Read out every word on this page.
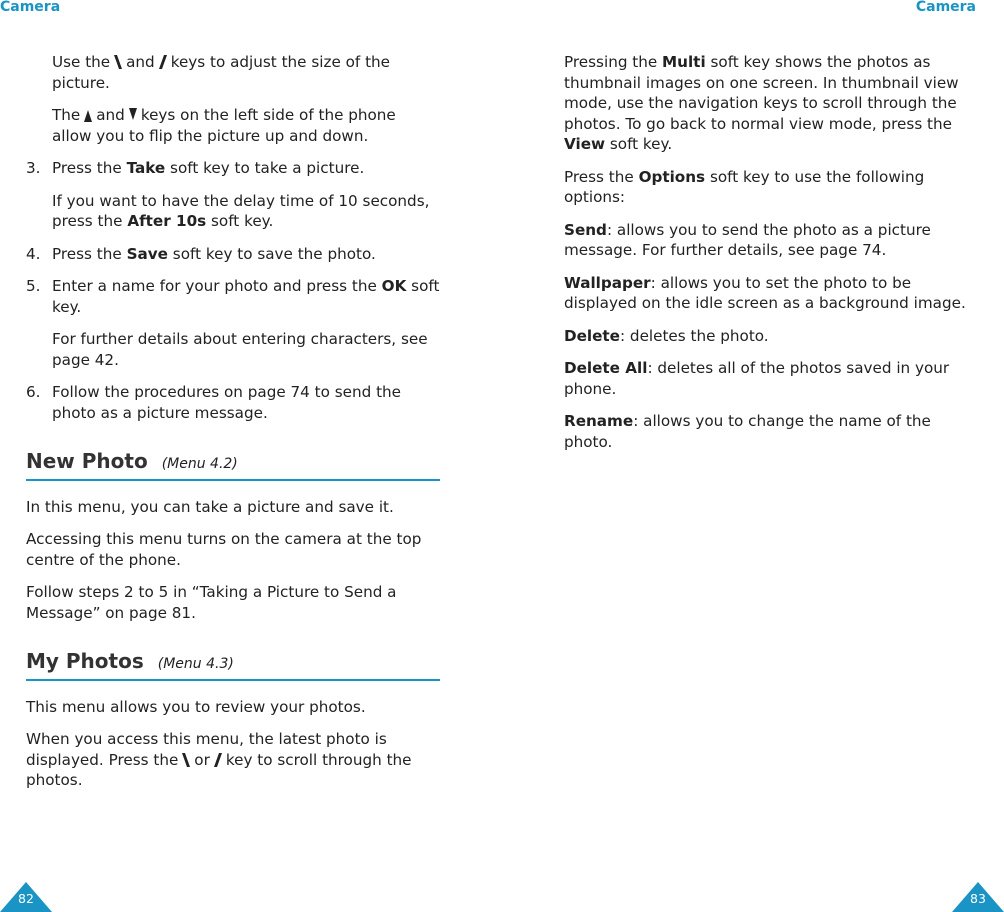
Camera	Camera

Use the and keys to adjust the size of the picture.

The and keys on the left side of the phone allow you to flip the picture up and down.

3. Press the Take soft key to take a picture.

If you want to have the delay time of 10 seconds, press the After 10s soft key.

4. Press the Save soft key to save the photo.
5. Enter a name for your photo and press the OK soft key.

For further details about entering characters, see page 42.

6. Follow the procedures on page 74 to send the photo as a picture message.
New Photo (Menu 4.2)

In this menu, you can take a picture and save it.

Accessing this menu turns on the camera at the top centre of the phone.

Follow steps 2 to 5 in “Taking a Picture to Send a Message” on page 81.

My Photos (Menu 4.3)

This menu allows you to review your photos.

When you access this menu, the latest photo is displayed. Press the or key to scroll through the photos.

Pressing the Multi soft key shows the photos as thumbnail images on one screen. In thumbnail view mode, use the navigation keys to scroll through the photos. To go back to normal view mode, press the View soft key.

Press the Options soft key to use the following options:

Send: allows you to send the photo as a picture message. For further details, see page 74.

Wallpaper: allows you to set the photo to be displayed on the idle screen as a background image.

Delete: deletes the photo.

Delete All: deletes all of the photos saved in your phone.

Rename: allows you to change the name of the photo.

82	83
